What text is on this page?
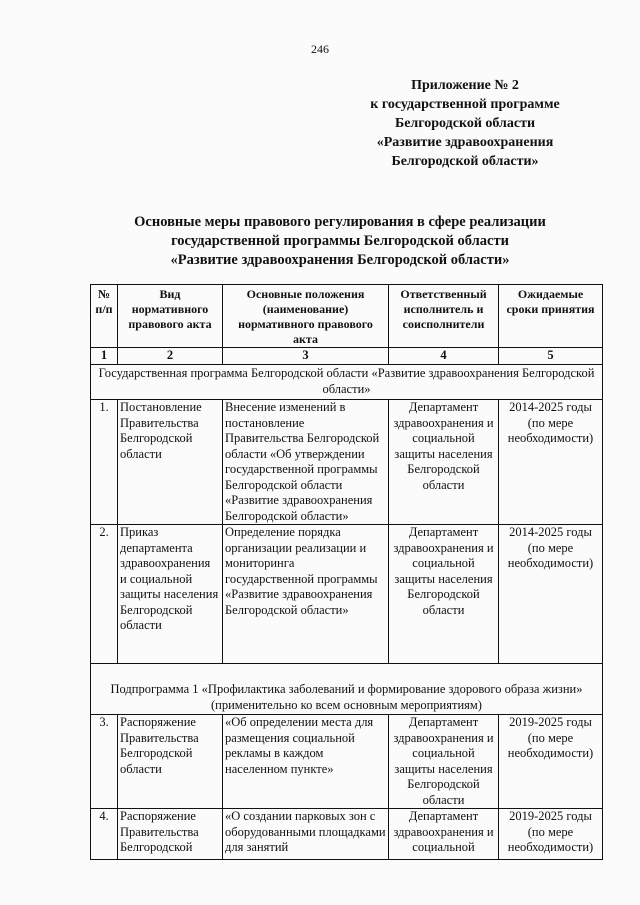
246
Приложение № 2
к государственной программе
Белгородской области
«Развитие здравоохранения
Белгородской области»
Основные меры правового регулирования в сфере реализации
государственной программы Белгородской области
«Развитие здравоохранения Белгородской области»
№ п/п	Вид нормативного правового акта	Основные положения (наименование) нормативного правового акта	Ответственный исполнитель и соисполнители	Ожидаемые сроки принятия
1	2	3	4	5
Государственная программа Белгородской области «Развитие здравоохранения Белгородской области»				
1.	Постановление Правительства Белгородской области	Внесение изменений в постановление Правительства Белгородской области «Об утверждении государственной программы Белгородской области «Развитие здравоохранения Белгородской области»	Департамент здравоохранения и социальной защиты населения Белгородской области	2014-2025 годы (по мере необходимости)
2.	Приказ департамента здравоохранения и социальной защиты населения Белгородской области	Определение порядка организации реализации и мониторинга государственной программы «Развитие здравоохранения Белгородской области»	Департамент здравоохранения и социальной защиты населения Белгородской области	2014-2025 годы (по мере необходимости)

Подпрограмма 1 «Профилактика заболеваний и формирование здорового образа жизни»
(применительно ко всем основным мероприятиям)				

3.	Распоряжение Правительства Белгородской области	«Об определении места для размещения социальной рекламы в каждом населенном пункте»	Департамент здравоохранения и социальной защиты населения Белгородской области	2019-2025 годы (по мере необходимости)
4.	Распоряжение Правительства Белгородской	«О создании парковых зон с оборудованными площадками для занятий	Департамент здравоохранения и социальной	2019-2025 годы (по мере необходимости)
